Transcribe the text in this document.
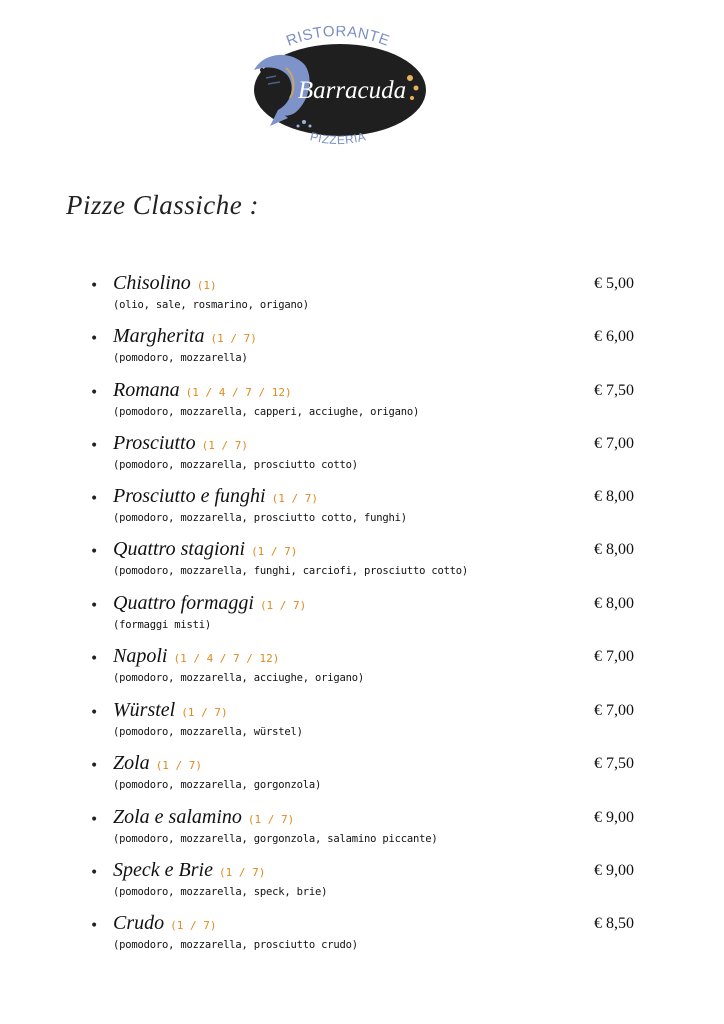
RISTORANTE
Barracuda
PIZZERIA
Pizze Classiche :
• Chisolino (1)	€ 5,00
(olio, sale, rosmarino, origano)
• Margherita (1 / 7)	€ 6,00
(pomodoro, mozzarella)
• Romana (1 / 4 / 7 / 12)	€ 7,50
(pomodoro, mozzarella, capperi, acciughe, origano)
• Prosciutto (1 / 7)	€ 7,00
(pomodoro, mozzarella, prosciutto cotto)
• Prosciutto e funghi (1 / 7)	€ 8,00
(pomodoro, mozzarella, prosciutto cotto, funghi)
• Quattro stagioni (1 / 7)	€ 8,00
(pomodoro, mozzarella, funghi, carciofi, prosciutto cotto)
• Quattro formaggi (1 / 7)	€ 8,00
(formaggi misti)
• Napoli (1 / 4 / 7 / 12)	€ 7,00
(pomodoro, mozzarella, acciughe, origano)
• Würstel (1 / 7)	€ 7,00
(pomodoro, mozzarella, würstel)
• Zola (1 / 7)	€ 7,50
(pomodoro, mozzarella, gorgonzola)
• Zola e salamino (1 / 7)	€ 9,00
(pomodoro, mozzarella, gorgonzola, salamino piccante)
• Speck e Brie (1 / 7)	€ 9,00
(pomodoro, mozzarella, speck, brie)
• Crudo (1 / 7)	€ 8,50
(pomodoro, mozzarella, prosciutto crudo)
